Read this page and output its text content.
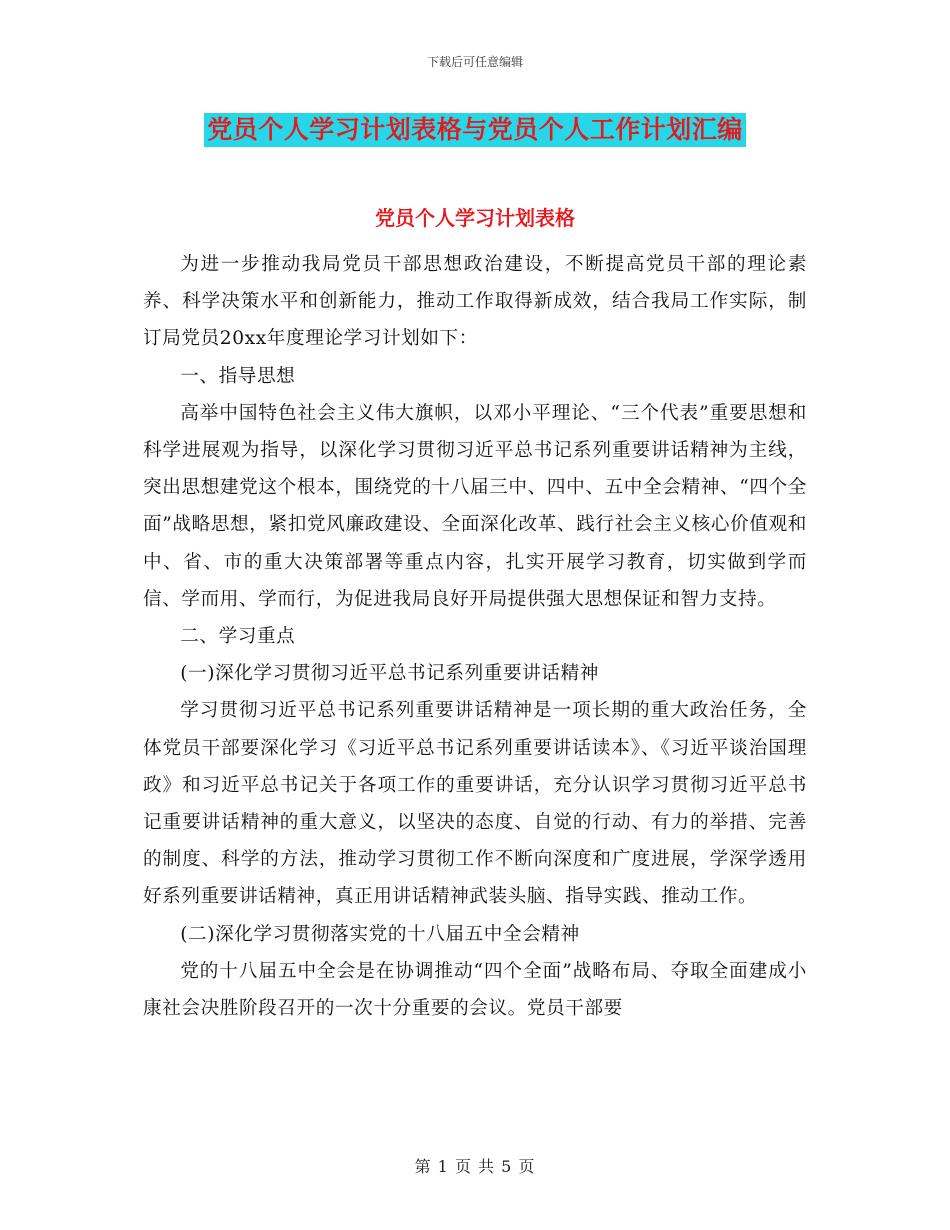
下载后可任意编辑
党员个人学习计划表格与党员个人工作计划汇编
党员个人学习计划表格

为进一步推动我局党员干部思想政治建设，不断提高党员干部的理论素养、科学决策水平和创新能力，推动工作取得新成效，结合我局工作实际，制订局党员20xx年度理论学习计划如下：

一、指导思想

高举中国特色社会主义伟大旗帜，以邓小平理论、“三个代表”重要思想和科学进展观为指导，以深化学习贯彻习近平总书记系列重要讲话精神为主线，突出思想建党这个根本，围绕党的十八届三中、四中、五中全会精神、“四个全面”战略思想，紧扣党风廉政建设、全面深化改革、践行社会主义核心价值观和中、省、市的重大决策部署等重点内容，扎实开展学习教育，切实做到学而信、学而用、学而行，为促进我局良好开局提供强大思想保证和智力支持。

二、学习重点

(一)深化学习贯彻习近平总书记系列重要讲话精神

学习贯彻习近平总书记系列重要讲话精神是一项长期的重大政治任务，全体党员干部要深化学习《习近平总书记系列重要讲话读本》、《习近平谈治国理政》和习近平总书记关于各项工作的重要讲话，充分认识学习贯彻习近平总书记重要讲话精神的重大意义，以坚决的态度、自觉的行动、有力的举措、完善的制度、科学的方法，推动学习贯彻工作不断向深度和广度进展，学深学透用好系列重要讲话精神，真正用讲话精神武装头脑、指导实践、推动工作。

(二)深化学习贯彻落实党的十八届五中全会精神

党的十八届五中全会是在协调推动“四个全面”战略布局、夺取全面建成小康社会决胜阶段召开的一次十分重要的会议。党员干部要

第 1 页 共 5 页
